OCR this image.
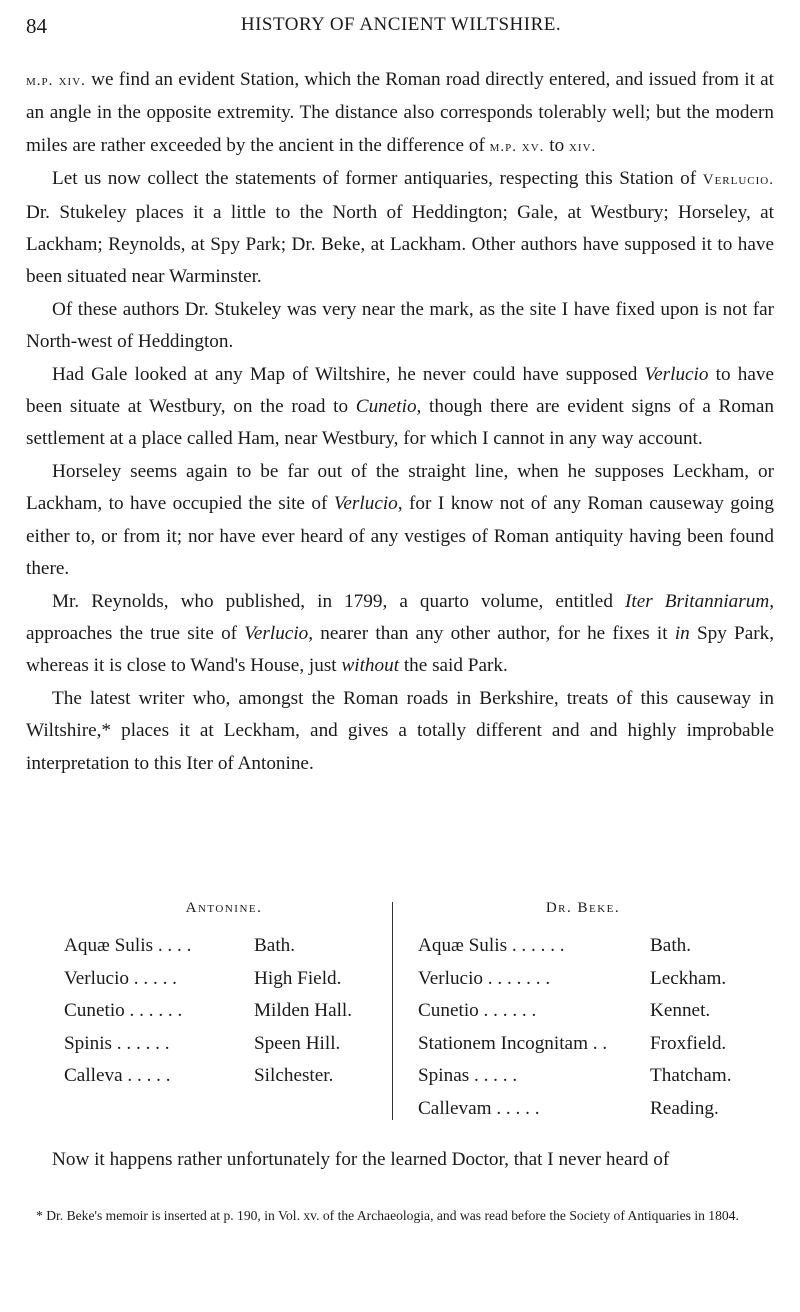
84	HISTORY OF ANCIENT WILTSHIRE.

m.p. xiv. we find an evident Station, which the Roman road directly entered, and issued from it at an angle in the opposite extremity. The distance also corresponds tolerably well; but the modern miles are rather exceeded by the ancient in the difference of m.p. xv. to xiv.

Let us now collect the statements of former antiquaries, respecting this Station of Verlucio. Dr. Stukeley places it a little to the North of Heddington; Gale, at Westbury; Horseley, at Lackham; Reynolds, at Spy Park; Dr. Beke, at Lackham. Other authors have supposed it to have been situated near Warminster.

Of these authors Dr. Stukeley was very near the mark, as the site I have fixed upon is not far North-west of Heddington.

Had Gale looked at any Map of Wiltshire, he never could have supposed Verlucio to have been situate at Westbury, on the road to Cunetio, though there are evident signs of a Roman settlement at a place called Ham, near Westbury, for which I cannot in any way account.

Horseley seems again to be far out of the straight line, when he supposes Leckham, or Lackham, to have occupied the site of Verlucio, for I know not of any Roman causeway going either to, or from it; nor have ever heard of any vestiges of Roman antiquity having been found there.

Mr. Reynolds, who published, in 1799, a quarto volume, entitled Iter Britanniarum, approaches the true site of Verlucio, nearer than any other author, for he fixes it in Spy Park, whereas it is close to Wand's House, just without the said Park.

The latest writer who, amongst the Roman roads in Berkshire, treats of this causeway in Wiltshire,* places it at Leckham, and gives a totally different and and highly improbable interpretation to this Iter of Antonine.

Antonine.
Aquæ Sulis . . . .	Bath.
Verlucio . . . . .	High Field.
Cunetio . . . . . .	Milden Hall.
Spinis . . . . . .	Speen Hill.
Calleva . . . . .	Silchester.
Dr. Beke.
Aquæ Sulis . . . . . .	Bath.
Verlucio . . . . . . .	Leckham.
Cunetio . . . . . .	Kennet.
Stationem Incognitam . . Froxfield.
Spinas . . . . .	Thatcham.
Callevam . . . . .	Reading.
Now it happens rather unfortunately for the learned Doctor, that I never heard of
* Dr. Beke's memoir is inserted at p. 190, in Vol. xv. of the Archaeologia, and was read before the Society of Antiquaries in 1804.
